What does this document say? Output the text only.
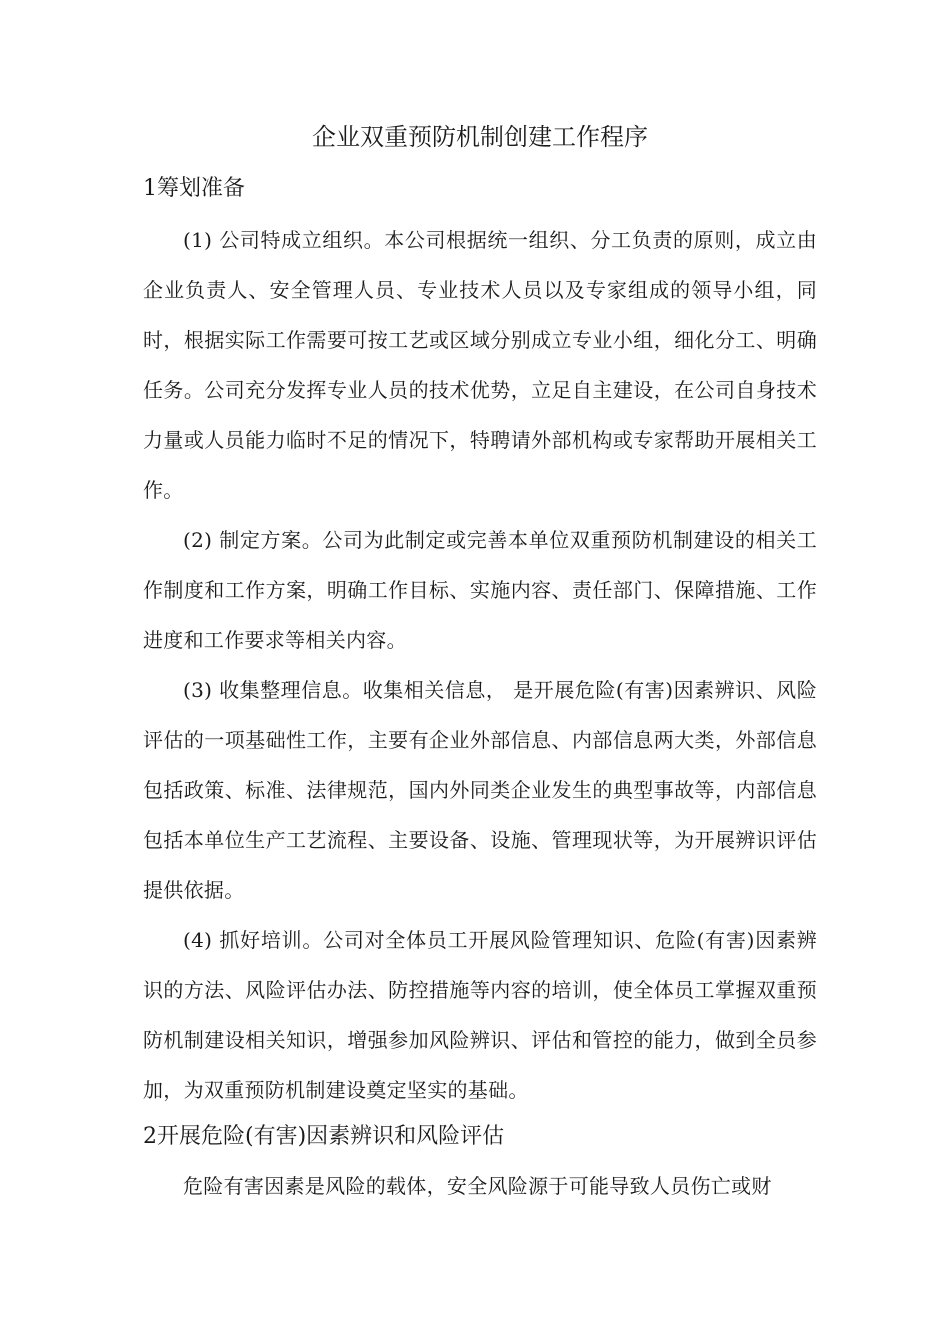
企业双重预防机制创建工作程序
1筹划准备

(1) 公司特成立组织。本公司根据统一组织、分工负责的原则，成立由企业负责人、安全管理人员、专业技术人员以及专家组成的领导小组，同时，根据实际工作需要可按工艺或区域分别成立专业小组，细化分工、明确任务。公司充分发挥专业人员的技术优势，立足自主建设，在公司自身技术力量或人员能力临时不足的情况下，特聘请外部机构或专家帮助开展相关工作。

(2) 制定方案。公司为此制定或完善本单位双重预防机制建设的相关工作制度和工作方案，明确工作目标、实施内容、责任部门、保障措施、工作进度和工作要求等相关内容。

(3) 收集整理信息。收集相关信息， 是开展危险(有害)因素辨识、风险评估的一项基础性工作，主要有企业外部信息、内部信息两大类，外部信息包括政策、标准、法律规范，国内外同类企业发生的典型事故等，内部信息包括本单位生产工艺流程、主要设备、设施、管理现状等，为开展辨识评估提供依据。

(4) 抓好培训。公司对全体员工开展风险管理知识、危险(有害)因素辨识的方法、风险评估办法、防控措施等内容的培训，使全体员工掌握双重预防机制建设相关知识，增强参加风险辨识、评估和管控的能力，做到全员参加，为双重预防机制建设奠定坚实的基础。

2开展危险(有害)因素辨识和风险评估

危险有害因素是风险的载体，安全风险源于可能导致人员伤亡或财
